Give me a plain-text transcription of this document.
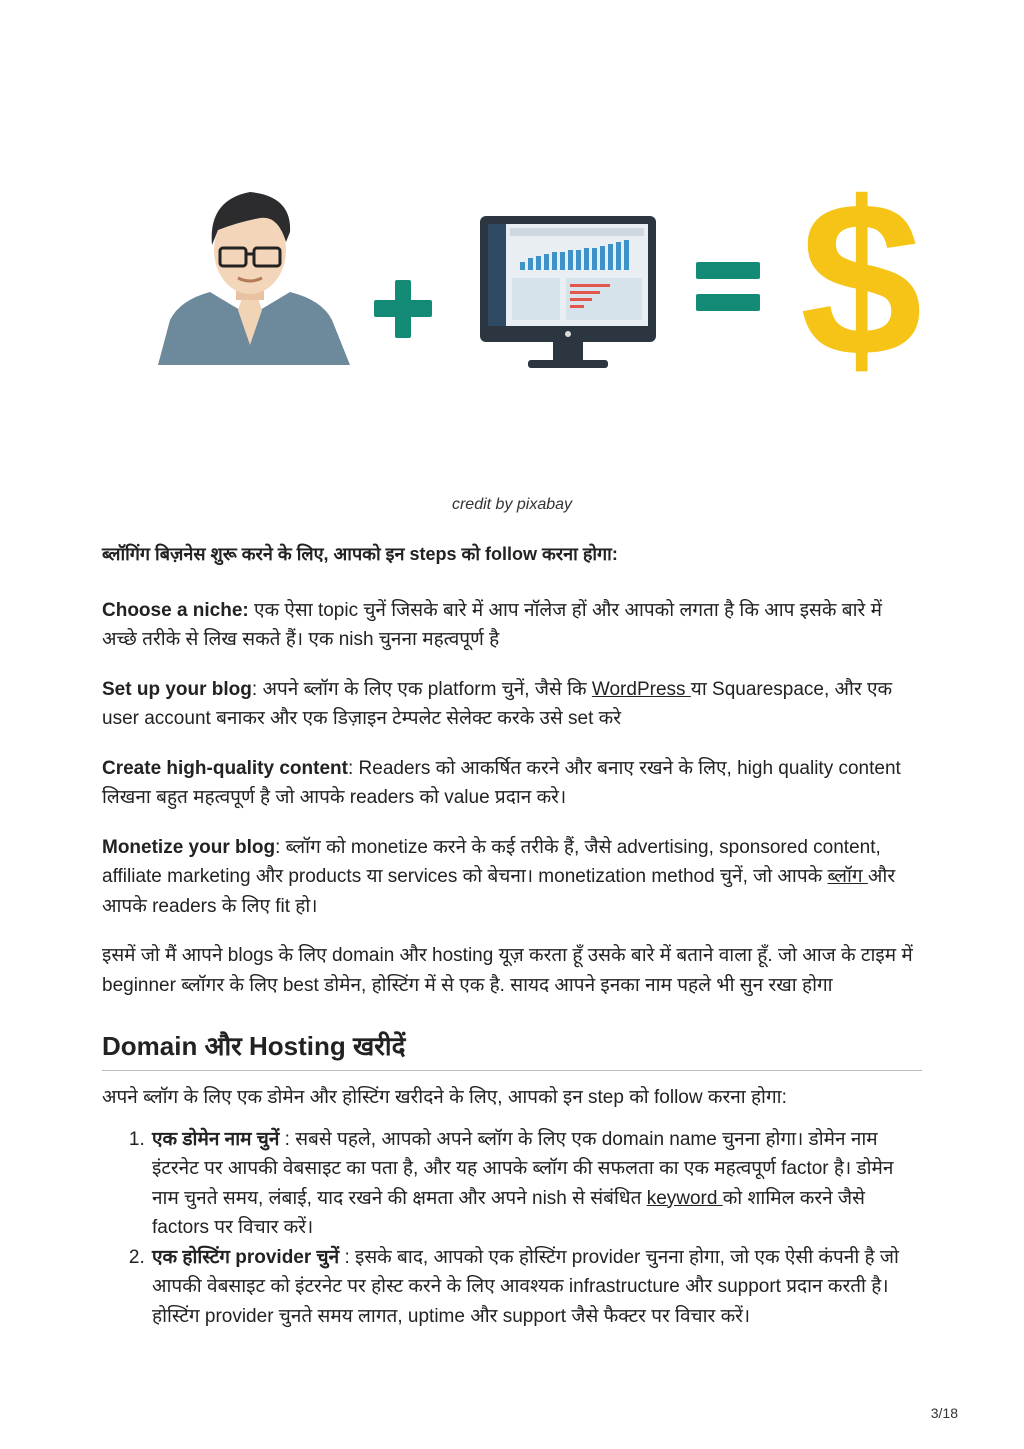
$
credit by pixabay

ब्लॉगिंग बिज़नेस शुरू करने के लिए, आपको इन steps को follow करना होगा:

Choose a niche: एक ऐसा topic चुनें जिसके बारे में आप नॉलेज हों और आपको लगता है कि आप इसके बारे में अच्छे तरीके से लिख सकते हैं। एक nish चुनना महत्वपूर्ण है

Set up your blog: अपने ब्लॉग के लिए एक platform चुनें, जैसे कि WordPress या Squarespace, और एक user account बनाकर और एक डिज़ाइन टेम्पलेट सेलेक्ट करके उसे set करे

Create high-quality content: Readers को आकर्षित करने और बनाए रखने के लिए, high quality content लिखना बहुत महत्वपूर्ण है जो आपके readers को value प्रदान करे।

Monetize your blog: ब्लॉग को monetize करने के कई तरीके हैं, जैसे advertising, sponsored content, affiliate marketing और products या services को बेचना। monetization method चुनें, जो आपके ब्लॉग और आपके readers के लिए fit हो।

इसमें जो मैं आपने blogs के लिए domain और hosting यूज़ करता हूँ उसके बारे में बताने वाला हूँ. जो आज के टाइम में beginner ब्लॉगर के लिए best डोमेन, होस्टिंग में से एक है. सायद आपने इनका नाम पहले भी सुन रखा होगा

Domain और Hosting खरीदें

अपने ब्लॉग के लिए एक डोमेन और होस्टिंग खरीदने के लिए, आपको इन step को follow करना होगा:

1. एक डोमेन नाम चुनें : सबसे पहले, आपको अपने ब्लॉग के लिए एक domain name चुनना होगा। डोमेन नाम इंटरनेट पर आपकी वेबसाइट का पता है, और यह आपके ब्लॉग की सफलता का एक महत्वपूर्ण factor है। डोमेन नाम चुनते समय, लंबाई, याद रखने की क्षमता और अपने nish से संबंधित keyword को शामिल करने जैसे factors पर विचार करें।
2. एक होस्टिंग provider चुनें : इसके बाद, आपको एक होस्टिंग provider चुनना होगा, जो एक ऐसी कंपनी है जो आपकी वेबसाइट को इंटरनेट पर होस्ट करने के लिए आवश्यक infrastructure और support प्रदान करती है। होस्टिंग provider चुनते समय लागत, uptime और support जैसे फैक्टर पर विचार करें।
3/18
